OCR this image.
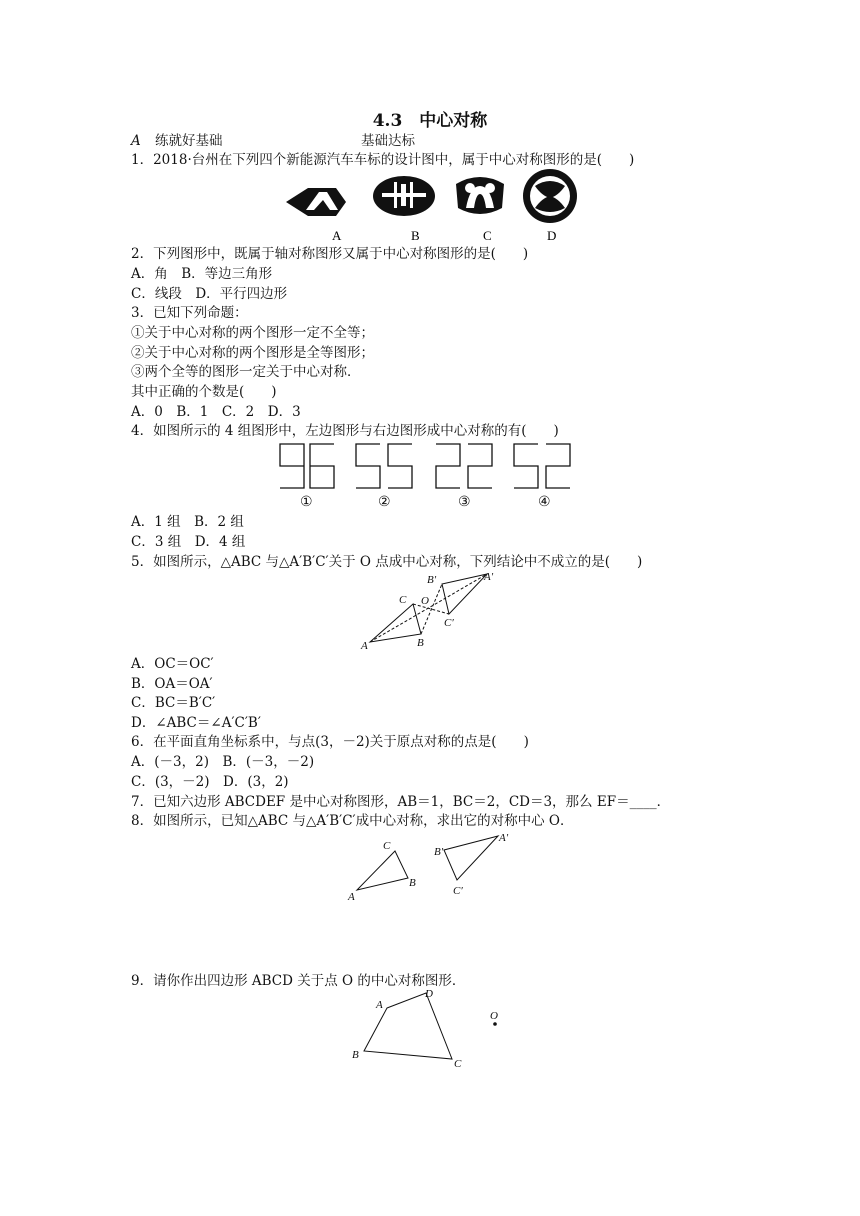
4.3　中心对称
A 练就好基础	基础达标
1．2018·台州在下列四个新能源汽车车标的设计图中，属于中心对称图形的是(　　)
A	B	C	D
2．下列图形中，既属于轴对称图形又属于中心对称图形的是(　　)
A．角　B．等边三角形
C．线段　D．平行四边形
3．已知下列命题：
①关于中心对称的两个图形一定不全等；
②关于中心对称的两个图形是全等图形；
③两个全等的图形一定关于中心对称．
其中正确的个数是(　　)
A．0　B．1　C．2　D．3
4．如图所示的 4 组图形中，左边图形与右边图形成中心对称的有(　　)
①	②	③	④
A．1 组　B．2 组
C．3 组　D．4 组
5．如图所示，△ABC 与△A′B′C′关于 O 点成中心对称，下列结论中不成立的是(　　)
A	B
C O
A′
B′
C′
A．OC＝OC′
B．OA＝OA′
C．BC＝B′C′
D．∠ABC＝∠A′C′B′
6．在平面直角坐标系中，与点(3，－2)关于原点对称的点是(　　)
A．(－3，2)　B．(－3，－2)
C．(3，－2)　D．(3，2)
7．已知六边形 ABCDEF 是中心对称图形，AB＝1，BC＝2，CD＝3，那么 EF＝____．
8．如图所示，已知△ABC 与△A′B′C′成中心对称，求出它的对称中心 O．
A
B
C
A′
B′
C′
9．请你作出四边形 ABCD 关于点 O 的中心对称图形．
A
B
C
D
O
